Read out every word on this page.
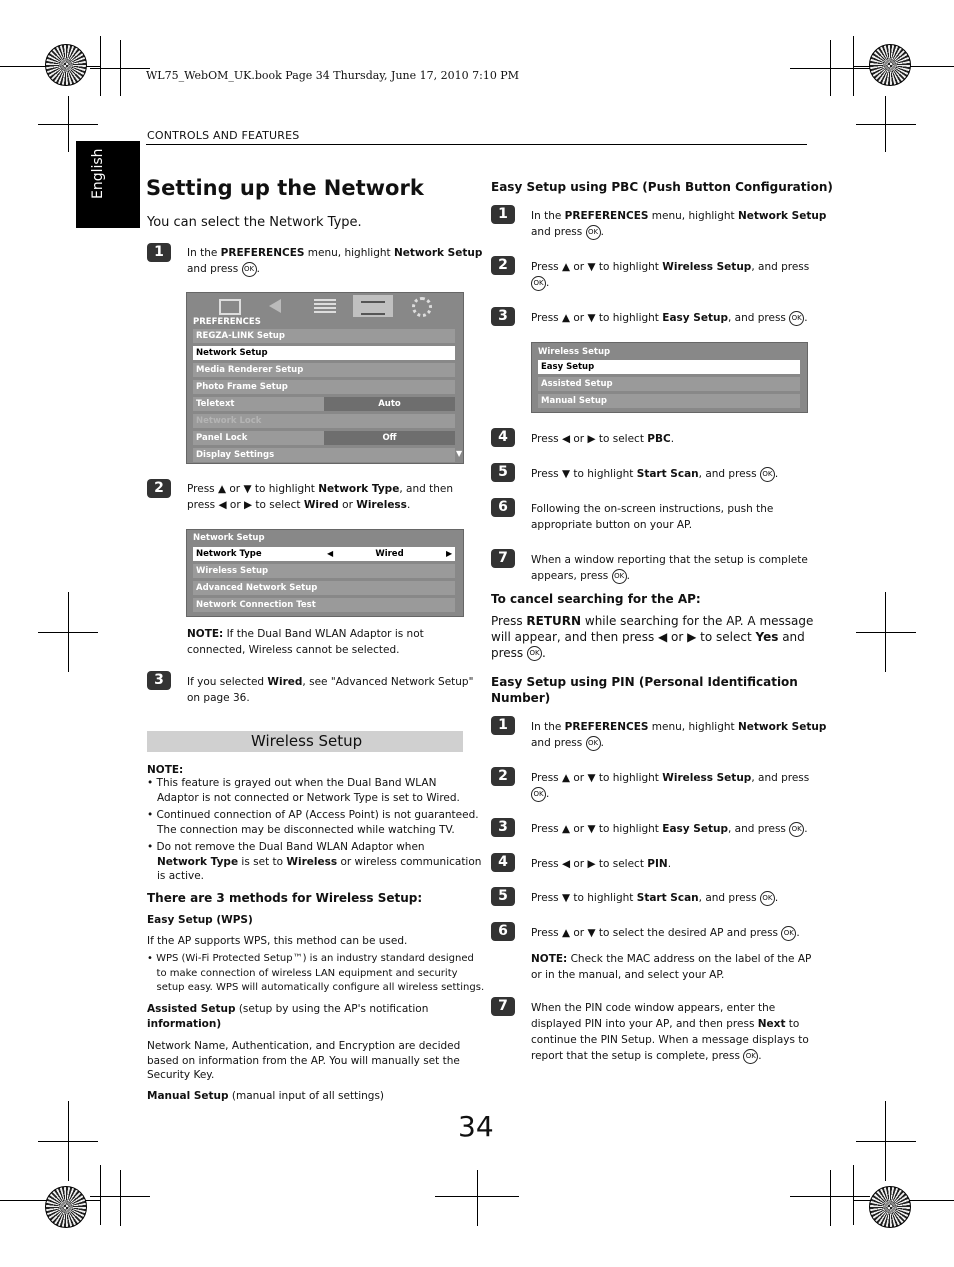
WL75_WebOM_UK.book Page 34 Thursday, June 17, 2010 7:10 PM
CONTROLS AND FEATURES
English Setting up the Network
You can select the Network Type.
1	In the PREFERENCES menu, highlight Network Setup
and press OK .
PREFERENCES
REGZA-LINK Setup
Network Setup
Media Renderer Setup
Photo Frame Setup
Teletext	Auto
Network Lock
Panel Lock	Off
Display Settings	▼
2	Press ▲ or ▼ to highlight Network Type, and then
press ◀ or ▶ to select Wired or Wireless.
Network Setup
Network Type	◀	Wired	▶
Wireless Setup
Advanced Network Setup
Network Connection Test
NOTE: If the Dual Band WLAN Adaptor is not
connected, Wireless cannot be selected.
3	If you selected Wired, see "Advanced Network Setup"
on page 36.
Wireless Setup
NOTE:
• This feature is grayed out when the Dual Band WLAN
Adaptor is not connected or Network Type is set to Wired.

• Continued connection of AP (Access Point) is not guaranteed.
The connection may be disconnected while watching TV.

• Do not remove the Dual Band WLAN Adaptor when
Network Type is set to Wireless or wireless communication
is active.
There are 3 methods for Wireless Setup:
Easy Setup (WPS)
If the AP supports WPS, this method can be used.
• WPS (Wi-Fi Protected Setup™) is an industry standard designed
to make connection of wireless LAN equipment and security
setup easy. WPS will automatically configure all wireless settings.
Assisted Setup (setup by using the AP's notification
information)
Network Name, Authentication, and Encryption are decided
based on information from the AP. You will manually set the
Security Key.
Manual Setup (manual input of all settings)
Easy Setup using PBC (Push Button Configuration)
1	In the PREFERENCES menu, highlight Network Setup
and press OK .
2	Press ▲ or ▼ to highlight Wireless Setup, and press
OK .
3	Press ▲ or ▼ to highlight Easy Setup, and press OK .
Wireless Setup
Easy Setup
Assisted Setup
Manual Setup
4	Press ◀ or ▶ to select PBC.
5	Press ▼ to highlight Start Scan, and press OK .
6	Following the on-screen instructions, push the
appropriate button on your AP.
7	When a window reporting that the setup is complete
appears, press OK .
To cancel searching for the AP:
Press RETURN while searching for the AP. A message
will appear, and then press ◀ or ▶ to select Yes and
press OK .
Easy Setup using PIN (Personal Identification
Number)
1	In the PREFERENCES menu, highlight Network Setup
and press OK .
2	Press ▲ or ▼ to highlight Wireless Setup, and press
OK .
3	Press ▲ or ▼ to highlight Easy Setup, and press OK .
4	Press ◀ or ▶ to select PIN.
5	Press ▼ to highlight Start Scan, and press OK .
6	Press ▲ or ▼ to select the desired AP and press OK .
NOTE: Check the MAC address on the label of the AP
or in the manual, and select your AP.
7	When the PIN code window appears, enter the
displayed PIN into your AP, and then press Next to
continue the PIN Setup. When a message displays to
report that the setup is complete, press OK .
34
